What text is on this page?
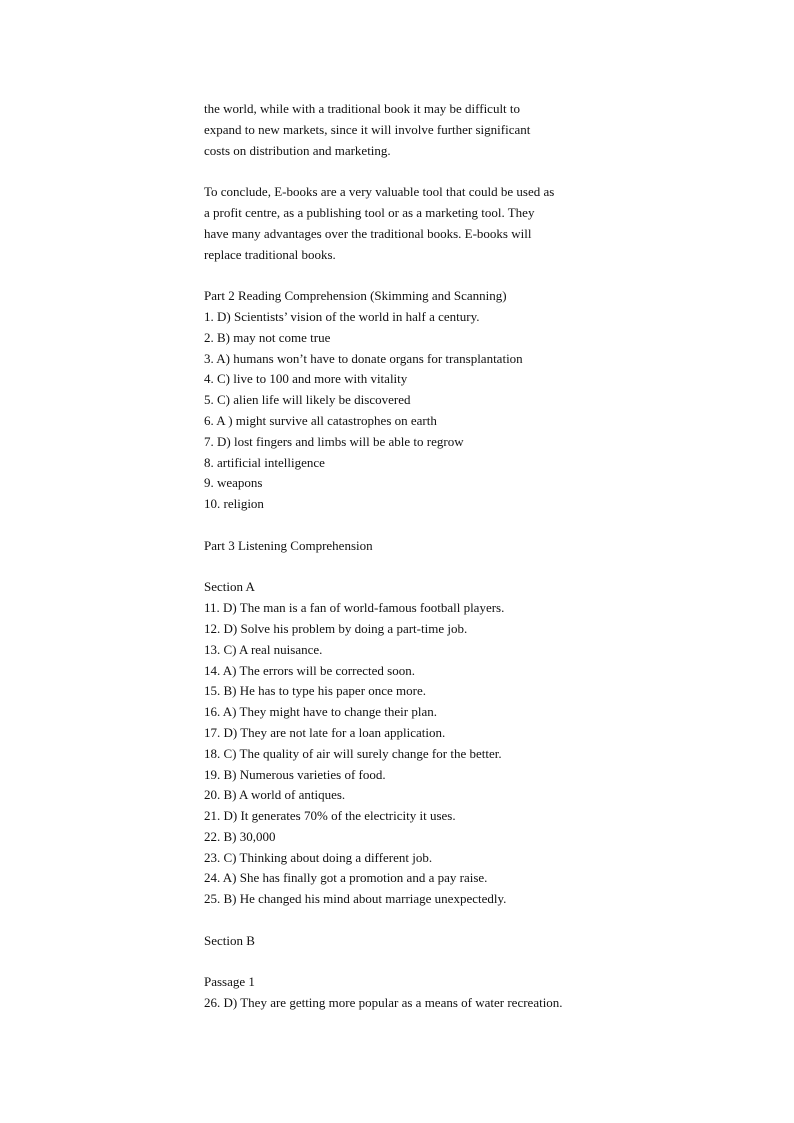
the world, while with a traditional book it may be difficult to
expand to new markets, since it will involve further significant
costs on distribution and marketing.
To conclude, E-books are a very valuable tool that could be used as
a profit centre, as a publishing tool or as a marketing tool. They
have many advantages over the traditional books. E-books will
replace traditional books.
Part 2 Reading Comprehension (Skimming and Scanning)
1. D) Scientists’ vision of the world in half a century.
2. B) may not come true
3. A) humans won’t have to donate organs for transplantation
4. C) live to 100 and more with vitality
5. C) alien life will likely be discovered
6. A ) might survive all catastrophes on earth
7. D) lost fingers and limbs will be able to regrow
8. artificial intelligence
9. weapons
10. religion
Part 3 Listening Comprehension
Section A
11. D) The man is a fan of world-famous football players.
12. D) Solve his problem by doing a part-time job.
13. C) A real nuisance.
14. A) The errors will be corrected soon.
15. B) He has to type his paper once more.
16. A) They might have to change their plan.
17. D) They are not late for a loan application.
18. C) The quality of air will surely change for the better.
19. B) Numerous varieties of food.
20. B) A world of antiques.
21. D) It generates 70% of the electricity it uses.
22. B) 30,000
23. C) Thinking about doing a different job.
24. A) She has finally got a promotion and a pay raise.
25. B) He changed his mind about marriage unexpectedly.
Section B
Passage 1
26. D) They are getting more popular as a means of water recreation.
